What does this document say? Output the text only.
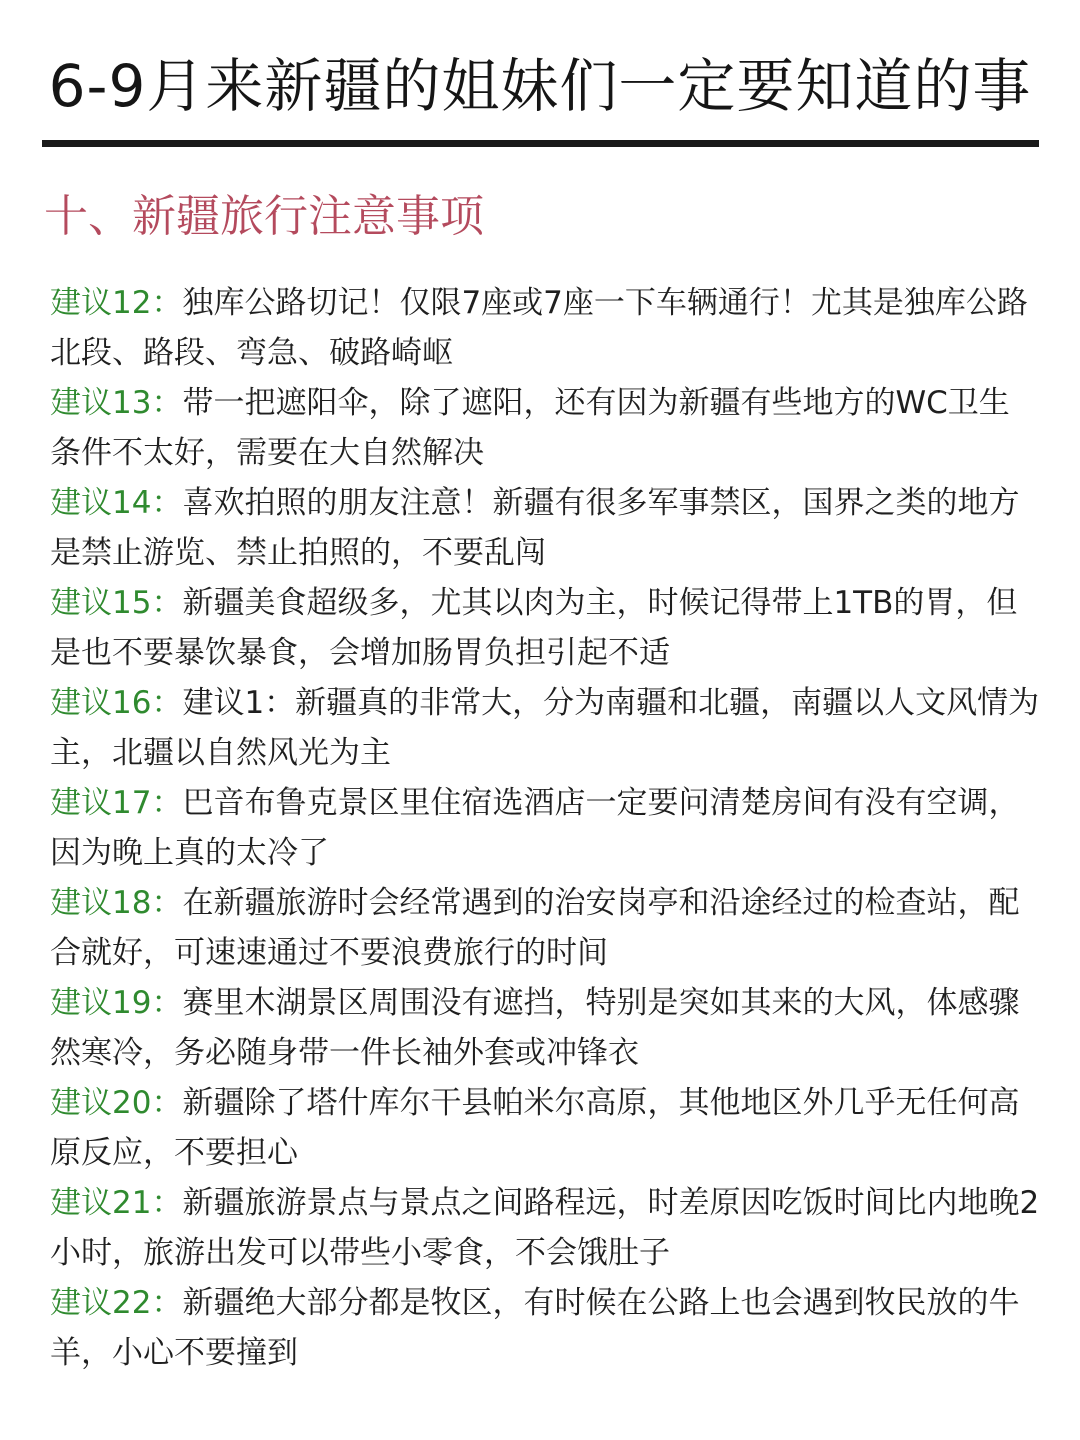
6-9月来新疆的姐妹们一定要知道的事
十、新疆旅行注意事项

建议12：独库公路切记！仅限7座或7座一下车辆通行！尤其是独库公路北段、路段、弯急、破路崎岖

建议13：带一把遮阳伞，除了遮阳，还有因为新疆有些地方的WC卫生条件不太好，需要在大自然解决

建议14：喜欢拍照的朋友注意！新疆有很多军事禁区，国界之类的地方是禁止游览、禁止拍照的，不要乱闯

建议15：新疆美食超级多，尤其以肉为主，时候记得带上1TB的胃，但是也不要暴饮暴食，会增加肠胃负担引起不适

建议16：建议1：新疆真的非常大，分为南疆和北疆，南疆以人文风情为主，北疆以自然风光为主

建议17：巴音布鲁克景区里住宿选酒店一定要问清楚房间有没有空调，因为晚上真的太冷了

建议18：在新疆旅游时会经常遇到的治安岗亭和沿途经过的检查站，配合就好，可速速通过不要浪费旅行的时间

建议19：赛里木湖景区周围没有遮挡，特别是突如其来的大风，体感骤然寒冷，务必随身带一件长袖外套或冲锋衣

建议20：新疆除了塔什库尔干县帕米尔高原，其他地区外几乎无任何高原反应，不要担心

建议21：新疆旅游景点与景点之间路程远，时差原因吃饭时间比内地晚2小时，旅游出发可以带些小零食，不会饿肚子

建议22：新疆绝大部分都是牧区，有时候在公路上也会遇到牧民放的牛羊，小心不要撞到
